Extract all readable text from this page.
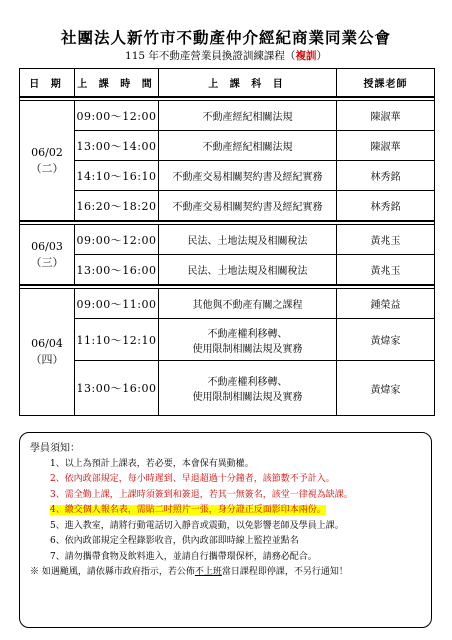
社團法人新竹市不動產仲介經紀商業同業公會
115 年不動產營業員換證訓練課程（複訓）
日 期	上 課 時 間	上 課 科 目	授課老師

06/02
（二）	09:00～12:00	不動產經紀相關法規	陳淑華
	13:00～14:00	不動產經紀相關法規	陳淑華
	14:10～16:10	不動產交易相關契約書及經紀實務	林秀銘
	16:20～18:20	不動產交易相關契約書及經紀實務	林秀銘

06/03
（三）	09:00～12:00	民法、土地法規及相關稅法	黃兆玉
	13:00～16:00	民法、土地法規及相關稅法	黃兆玉

06/04
（四）	09:00～11:00	其他與不動產有關之課程	鍾榮益
	11:10～12:10	不動產權利移轉、
使用限制相關法規及實務	黃煒家
	13:00～16:00	不動產權利移轉、
使用限制相關法規及實務	黃煒家
學員須知：
1、以上為預計上課表，若必要，本會保有異動權。
2、依內政部規定，每小時遲到、早退超過十分鐘者，該節數不予計入。
3、需全勤上課，上課時須簽到和簽退，若其一無簽名，該堂一律視為缺課。
4、繳交個人報名表，需貼二吋照片一張，身分證正反面影印本兩份。
5、進入教室，請將行動電話切入靜音或震動，以免影響老師及學員上課。
6、依內政部規定全程錄影收音，供內政部即時線上監控並點名
7、請勿攜帶食物及飲料進入，並請自行攜帶環保杯，請務必配合。
※ 如遇颱風，請依縣市政府指示，若公佈不上班當日課程即停課，不另行通知！
